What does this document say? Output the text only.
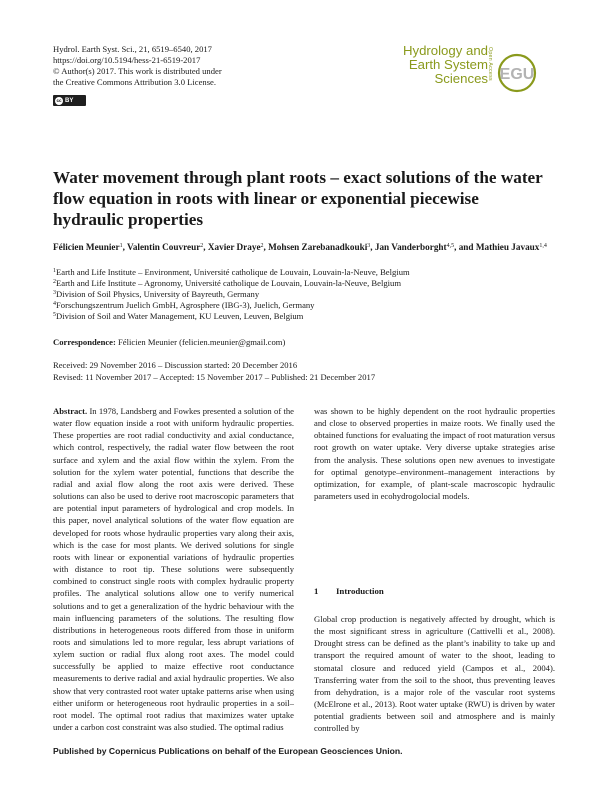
Hydrol. Earth Syst. Sci., 21, 6519–6540, 2017
https://doi.org/10.5194/hess-21-6519-2017
© Author(s) 2017. This work is distributed under
the Creative Commons Attribution 3.0 License.
cc BY
Hydrology and
Earth System
Sciences Open Access EGU
Water movement through plant roots – exact solutions of the water flow equation in roots with linear or exponential piecewise hydraulic properties
Félicien Meunier$^1$, Valentin Couvreur$^2$, Xavier Draye$^2$, Mohsen Zarebanadkouki$^3$, Jan Vanderborght$^{4,5}$, and Mathieu Javaux$^{1,4}$
$^1$Earth and Life Institute – Environment, Université catholique de Louvain, Louvain-la-Neuve, Belgium
$^2$Earth and Life Institute – Agronomy, Université catholique de Louvain, Louvain-la-Neuve, Belgium
$^3$Division of Soil Physics, University of Bayreuth, Germany
$^4$Forschungszentrum Juelich GmbH, Agrosphere (IBG-3), Juelich, Germany
$^5$Division of Soil and Water Management, KU Leuven, Leuven, Belgium
Correspondence: Félicien Meunier (felicien.meunier@gmail.com)
Received: 29 November 2016 – Discussion started: 20 December 2016
Revised: 11 November 2017 – Accepted: 15 November 2017 – Published: 21 December 2017
Abstract. In 1978, Landsberg and Fowkes presented a solution of the water flow equation inside a root with uniform hydraulic properties. These properties are root radial conductivity and axial conductance, which control, respectively, the radial water flow between the root surface and xylem and the axial flow within the xylem. From the solution for the xylem water potential, functions that describe the radial and axial flow along the root axis were derived. These solutions can also be used to derive root macroscopic parameters that are potential input parameters of hydrological and crop models. In this paper, novel analytical solutions of the water flow equation are developed for roots whose hydraulic properties vary along their axis, which is the case for most plants. We derived solutions for single roots with linear or exponential variations of hydraulic properties with distance to root tip. These solutions were subsequently combined to construct single roots with complex hydraulic property profiles. The analytical solutions allow one to verify numerical solutions and to get a generalization of the hydric behaviour with the main influencing parameters of the solutions. The resulting flow distributions in heterogeneous roots differed from those in uniform roots and simulations led to more regular, less abrupt variations of xylem suction or radial flux along root axes. The model could successfully be applied to maize effective root conductance measurements to derive radial and axial hydraulic properties. We also show that very contrasted root water uptake patterns arise when using either uniform or heterogeneous root hydraulic properties in a soil–root model. The optimal root radius that maximizes water uptake under a carbon cost constraint was also studied. The optimal radius
was shown to be highly dependent on the root hydraulic properties and close to observed properties in maize roots. We finally used the obtained functions for evaluating the impact of root maturation versus root growth on water uptake. Very diverse uptake strategies arise from the analysis. These solutions open new avenues to investigate for optimal genotype–environment–management interactions by optimization, for example, of plant-scale macroscopic hydraulic parameters used in ecohydrogolocial models.
1 Introduction
Global crop production is negatively affected by drought, which is the most significant stress in agriculture (Cattivelli et al., 2008). Drought stress can be defined as the plant’s inability to take up and transport the required amount of water to the shoot, leading to stomatal closure and reduced yield (Campos et al., 2004). Transferring water from the soil to the shoot, thus preventing leaves from dehydration, is a major role of the vascular root systems (McElrone et al., 2013). Root water uptake (RWU) is driven by water potential gradients between soil and atmosphere and is mainly controlled by
Published by Copernicus Publications on behalf of the European Geosciences Union.
